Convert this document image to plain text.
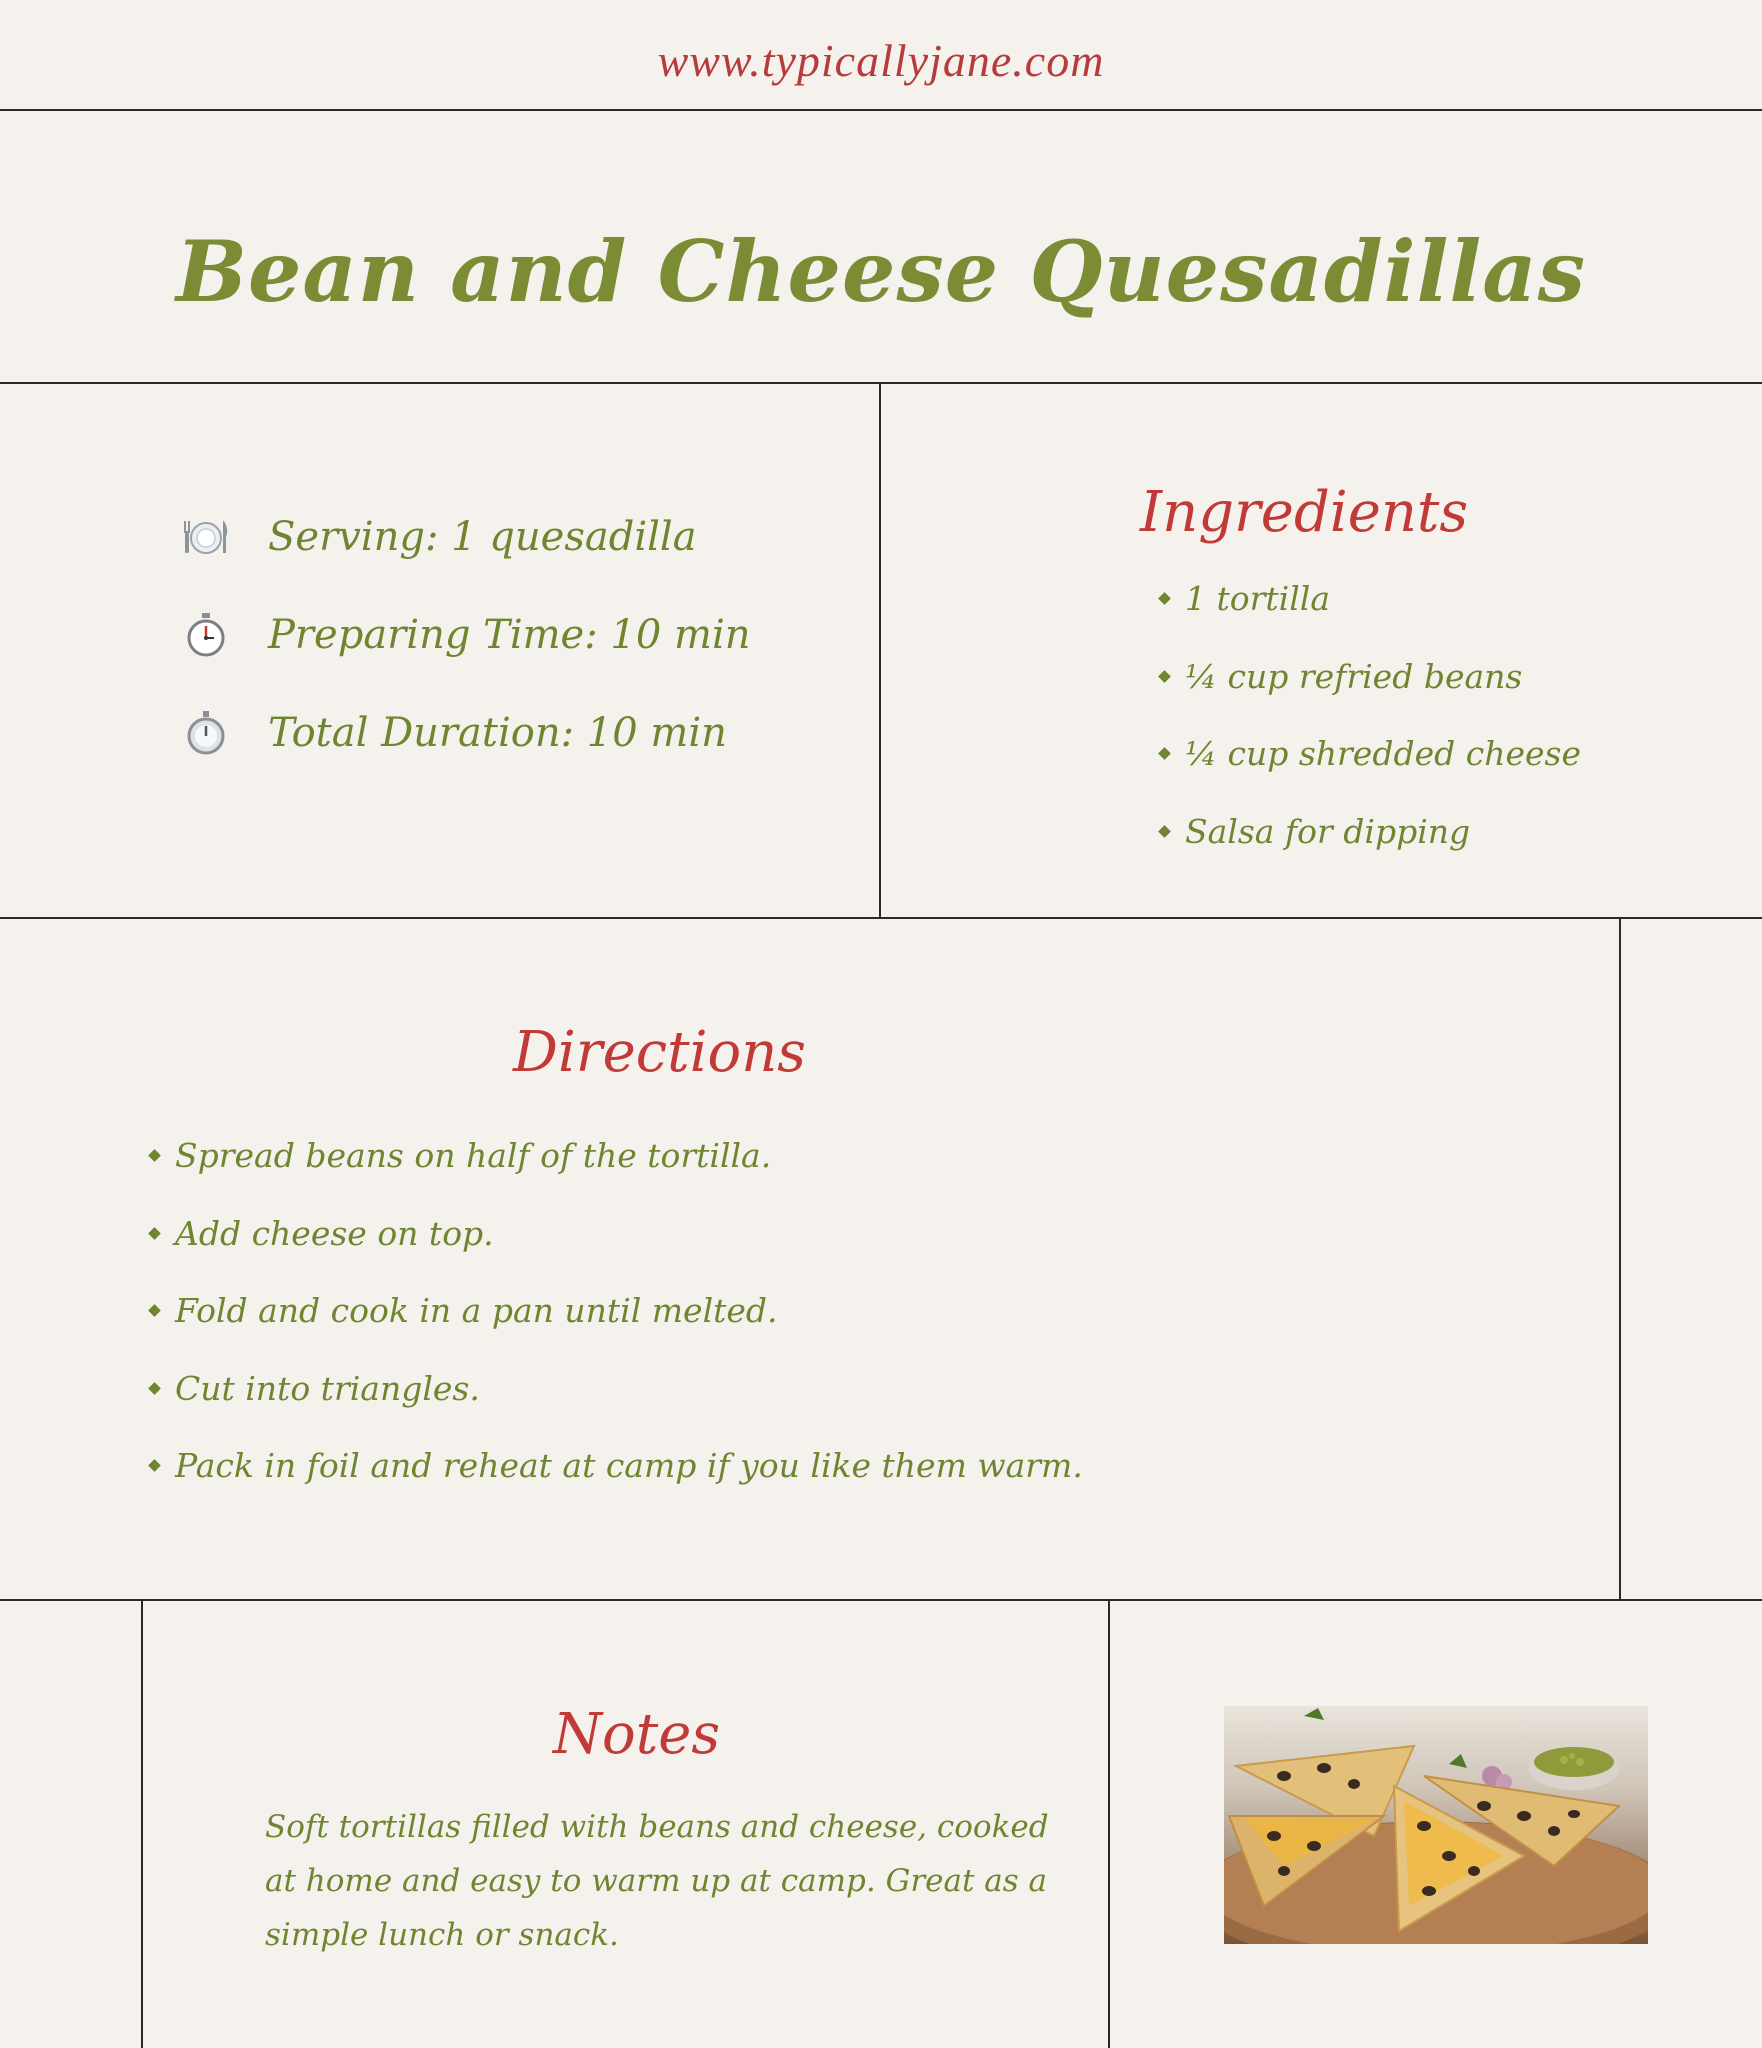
www.typicallyjane.com
Bean and Cheese Quesadillas
Serving: 1 quesadilla
Preparing Time: 10 min
Total Duration: 10 min
Ingredients
1 tortilla
¼ cup refried beans
¼ cup shredded cheese
Salsa for dipping
Directions
Spread beans on half of the tortilla.
Add cheese on top.
Fold and cook in a pan until melted.
Cut into triangles.
Pack in foil and reheat at camp if you like them warm.
Notes
Soft tortillas filled with beans and cheese, cooked at home and easy to warm up at camp. Great as a simple lunch or snack.
